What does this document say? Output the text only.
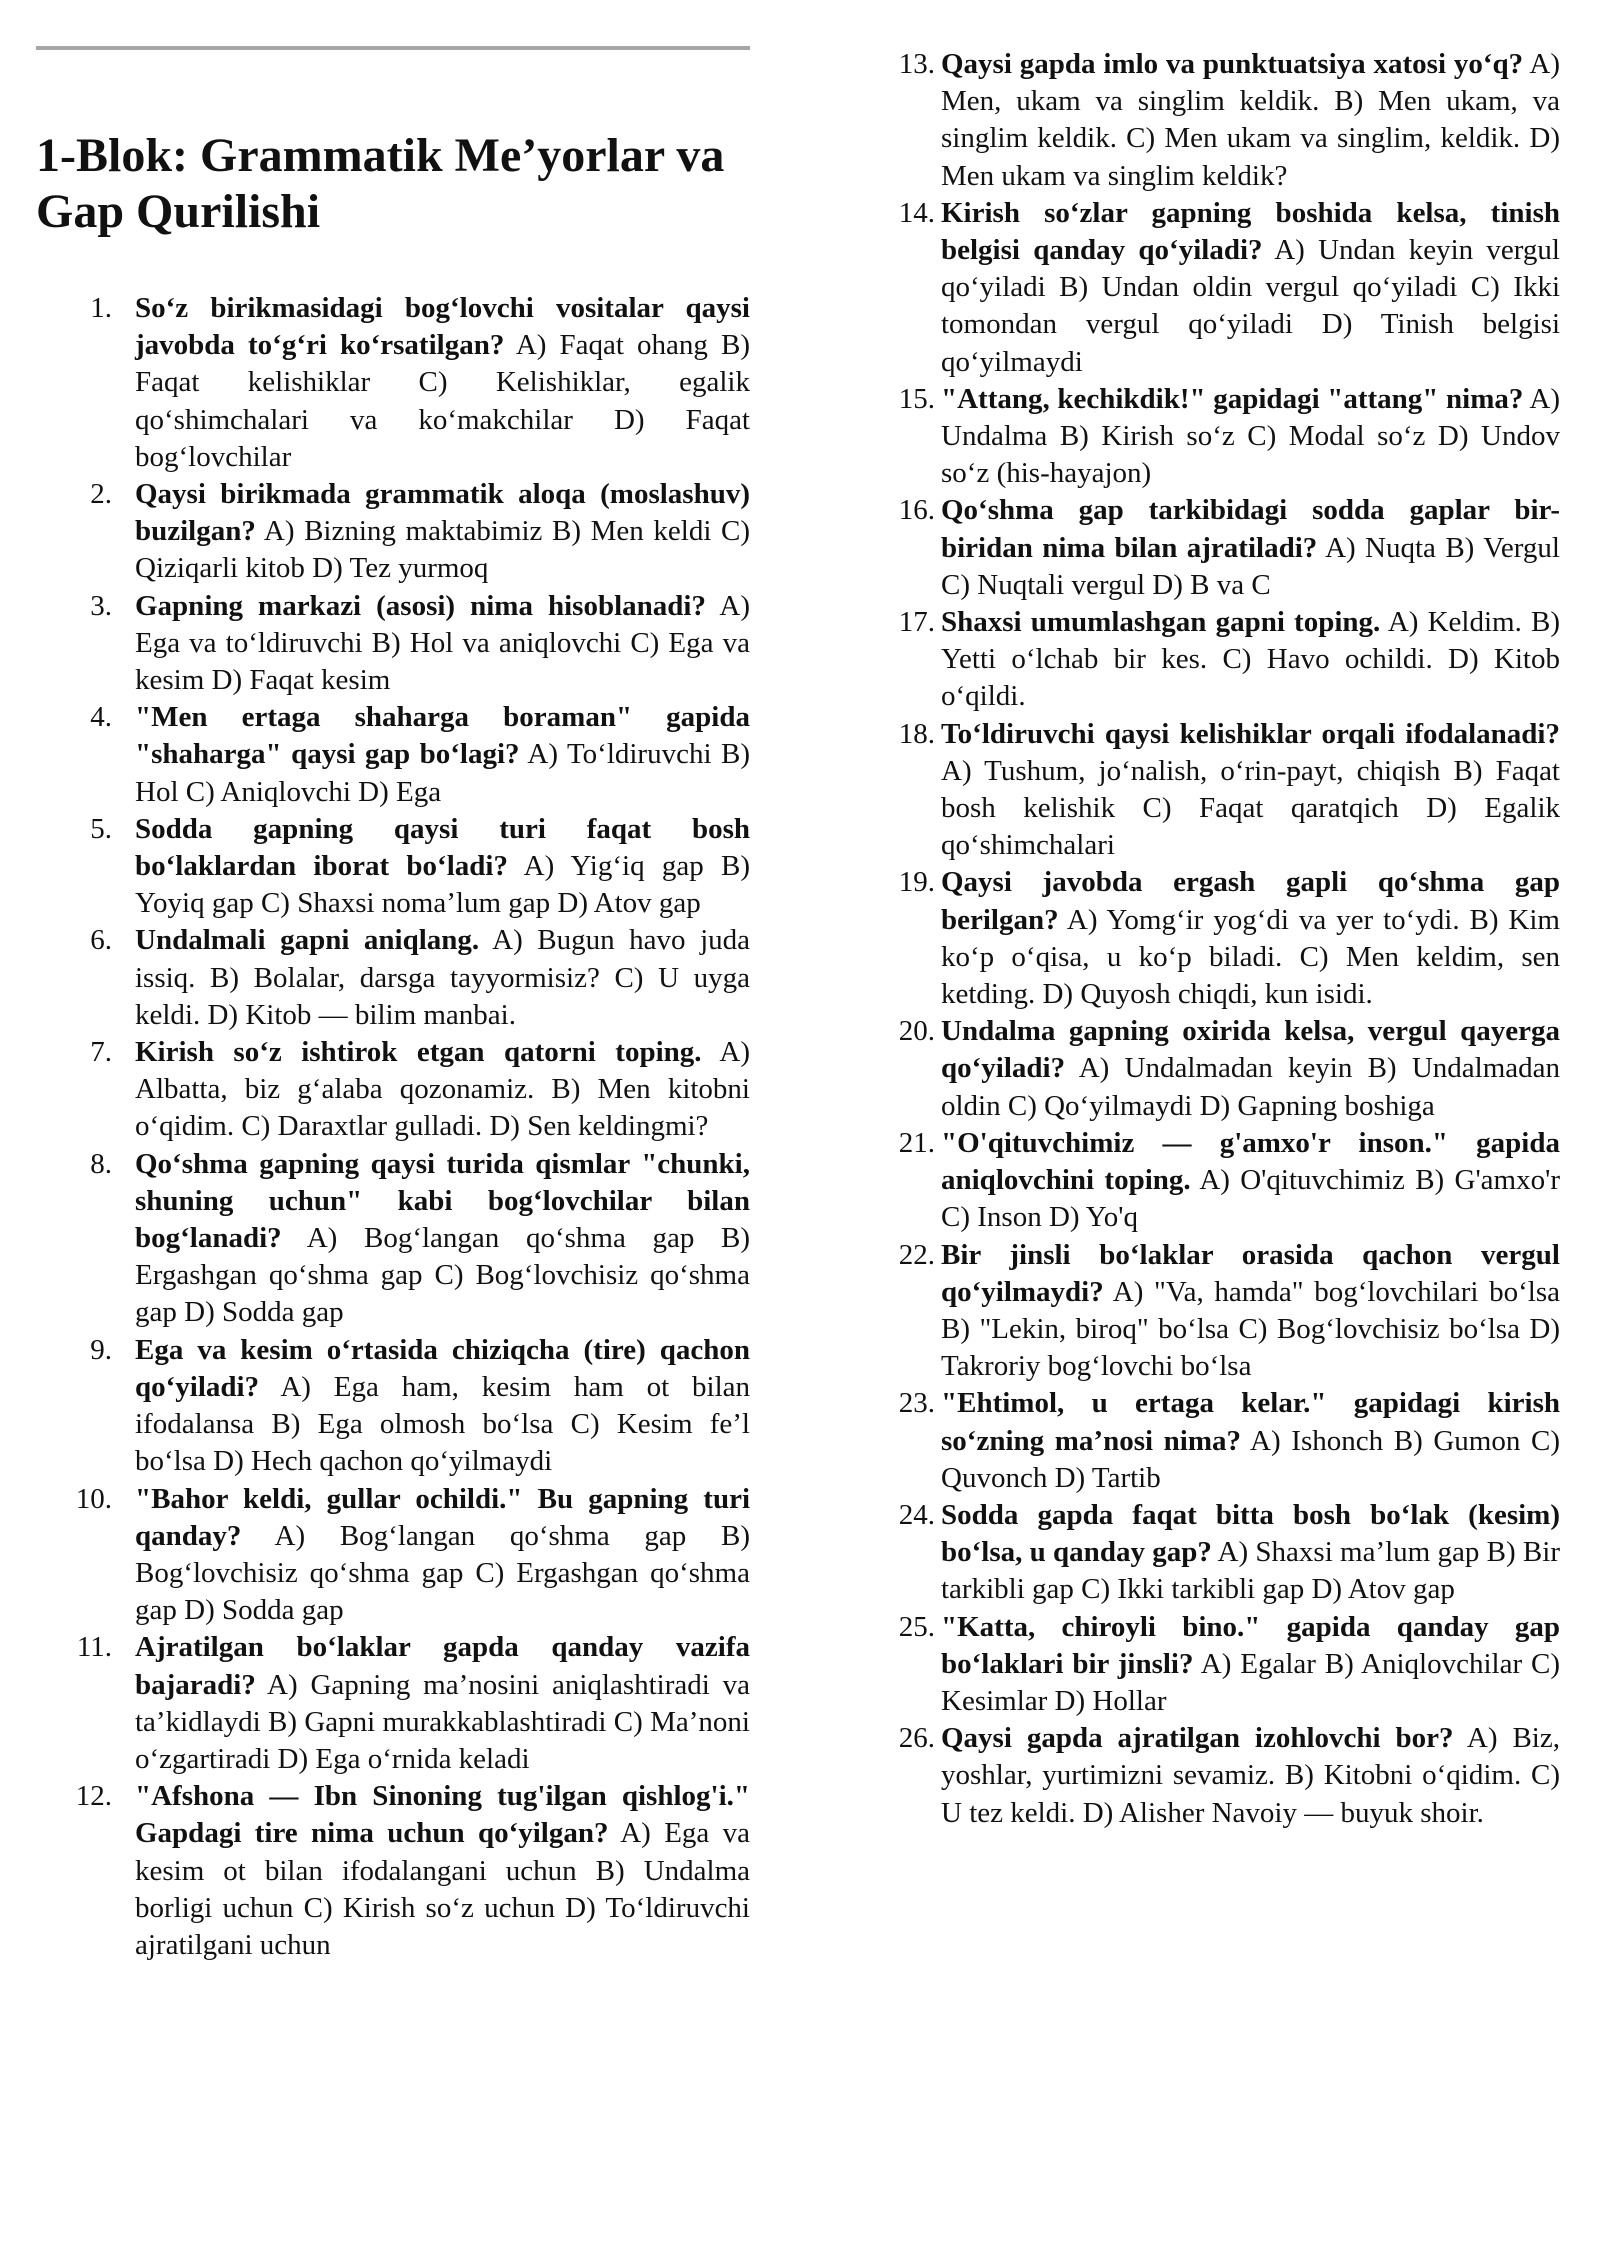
1-Blok: Grammatik Me’yorlar va Gap Qurilishi
1. So‘z birikmasidagi bog‘lovchi vositalar qaysi javobda to‘g‘ri ko‘rsatilgan? A) Faqat ohang B) Faqat kelishiklar C) Kelishiklar, egalik qo‘shimchalari va ko‘makchilar D) Faqat bog‘lovchilar
2. Qaysi birikmada grammatik aloqa (moslashuv) buzilgan? A) Bizning maktabimiz B) Men keldi C) Qiziqarli kitob D) Tez yurmoq
3. Gapning markazi (asosi) nima hisoblanadi? A) Ega va to‘ldiruvchi B) Hol va aniqlovchi C) Ega va kesim D) Faqat kesim
4. "Men ertaga shaharga boraman" gapida "shaharga" qaysi gap bo‘lagi? A) To‘ldiruvchi B) Hol C) Aniqlovchi D) Ega
5. Sodda gapning qaysi turi faqat bosh bo‘laklardan iborat bo‘ladi? A) Yig‘iq gap B) Yoyiq gap C) Shaxsi noma’lum gap D) Atov gap
6. Undalmali gapni aniqlang. A) Bugun havo juda issiq. B) Bolalar, darsga tayyormisiz? C) U uyga keldi. D) Kitob — bilim manbai.
7. Kirish so‘z ishtirok etgan qatorni toping. A) Albatta, biz g‘alaba qozonamiz. B) Men kitobni o‘qidim. C) Daraxtlar gulladi. D) Sen keldingmi?
8. Qo‘shma gapning qaysi turida qismlar "chunki, shuning uchun" kabi bog‘lovchilar bilan bog‘lanadi? A) Bog‘langan qo‘shma gap B) Ergashgan qo‘shma gap C) Bog‘lovchisiz qo‘shma gap D) Sodda gap
9. Ega va kesim o‘rtasida chiziqcha (tire) qachon qo‘yiladi? A) Ega ham, kesim ham ot bilan ifodalansa B) Ega olmosh bo‘lsa C) Kesim fe’l bo‘lsa D) Hech qachon qo‘yilmaydi
10. "Bahor keldi, gullar ochildi." Bu gapning turi qanday? A) Bog‘langan qo‘shma gap B) Bog‘lovchisiz qo‘shma gap C) Ergashgan qo‘shma gap D) Sodda gap
11. Ajratilgan bo‘laklar gapda qanday vazifa bajaradi? A) Gapning ma’nosini aniqlashtiradi va ta’kidlaydi B) Gapni murakkablashtiradi C) Ma’noni o‘zgartiradi D) Ega o‘rnida keladi
12. "Afshona — Ibn Sinoning tug'ilgan qishlog'i." Gapdagi tire nima uchun qo‘yilgan? A) Ega va kesim ot bilan ifodalangani uchun B) Undalma borligi uchun C) Kirish so‘z uchun D) To‘ldiruvchi ajratilgani uchun
13. Qaysi gapda imlo va punktuatsiya xatosi yo‘q? A) Men, ukam va singlim keldik. B) Men ukam, va singlim keldik. C) Men ukam va singlim, keldik. D) Men ukam va singlim keldik?
14. Kirish so‘zlar gapning boshida kelsa, tinish belgisi qanday qo‘yiladi? A) Undan keyin vergul qo‘yiladi B) Undan oldin vergul qo‘yiladi C) Ikki tomondan vergul qo‘yiladi D) Tinish belgisi qo‘yilmaydi
15. "Attang, kechikdik!" gapidagi "attang" nima? A) Undalma B) Kirish so‘z C) Modal so‘z D) Undov so‘z (his-hayajon)
16. Qo‘shma gap tarkibidagi sodda gaplar bir-biridan nima bilan ajratiladi? A) Nuqta B) Vergul C) Nuqtali vergul D) B va C
17. Shaxsi umumlashgan gapni toping. A) Keldim. B) Yetti o‘lchab bir kes. C) Havo ochildi. D) Kitob o‘qildi.
18. To‘ldiruvchi qaysi kelishiklar orqali ifodalanadi? A) Tushum, jo‘nalish, o‘rin-payt, chiqish B) Faqat bosh kelishik C) Faqat qaratqich D) Egalik qo‘shimchalari
19. Qaysi javobda ergash gapli qo‘shma gap berilgan? A) Yomg‘ir yog‘di va yer to‘ydi. B) Kim ko‘p o‘qisa, u ko‘p biladi. C) Men keldim, sen ketding. D) Quyosh chiqdi, kun isidi.
20. Undalma gapning oxirida kelsa, vergul qayerga qo‘yiladi? A) Undalmadan keyin B) Undalmadan oldin C) Qo‘yilmaydi D) Gapning boshiga
21. "O'qituvchimiz — g'amxo'r inson." gapida aniqlovchini toping. A) O'qituvchimiz B) G'amxo'r C) Inson D) Yo'q
22. Bir jinsli bo‘laklar orasida qachon vergul qo‘yilmaydi? A) "Va, hamda" bog‘lovchilari bo‘lsa B) "Lekin, biroq" bo‘lsa C) Bog‘lovchisiz bo‘lsa D) Takroriy bog‘lovchi bo‘lsa
23. "Ehtimol, u ertaga kelar." gapidagi kirish so‘zning ma’nosi nima? A) Ishonch B) Gumon C) Quvonch D) Tartib
24. Sodda gapda faqat bitta bosh bo‘lak (kesim) bo‘lsa, u qanday gap? A) Shaxsi ma’lum gap B) Bir tarkibli gap C) Ikki tarkibli gap D) Atov gap
25. "Katta, chiroyli bino." gapida qanday gap bo‘laklari bir jinsli? A) Egalar B) Aniqlovchilar C) Kesimlar D) Hollar
26. Qaysi gapda ajratilgan izohlovchi bor? A) Biz, yoshlar, yurtimizni sevamiz. B) Kitobni o‘qidim. C) U tez keldi. D) Alisher Navoiy — buyuk shoir.
